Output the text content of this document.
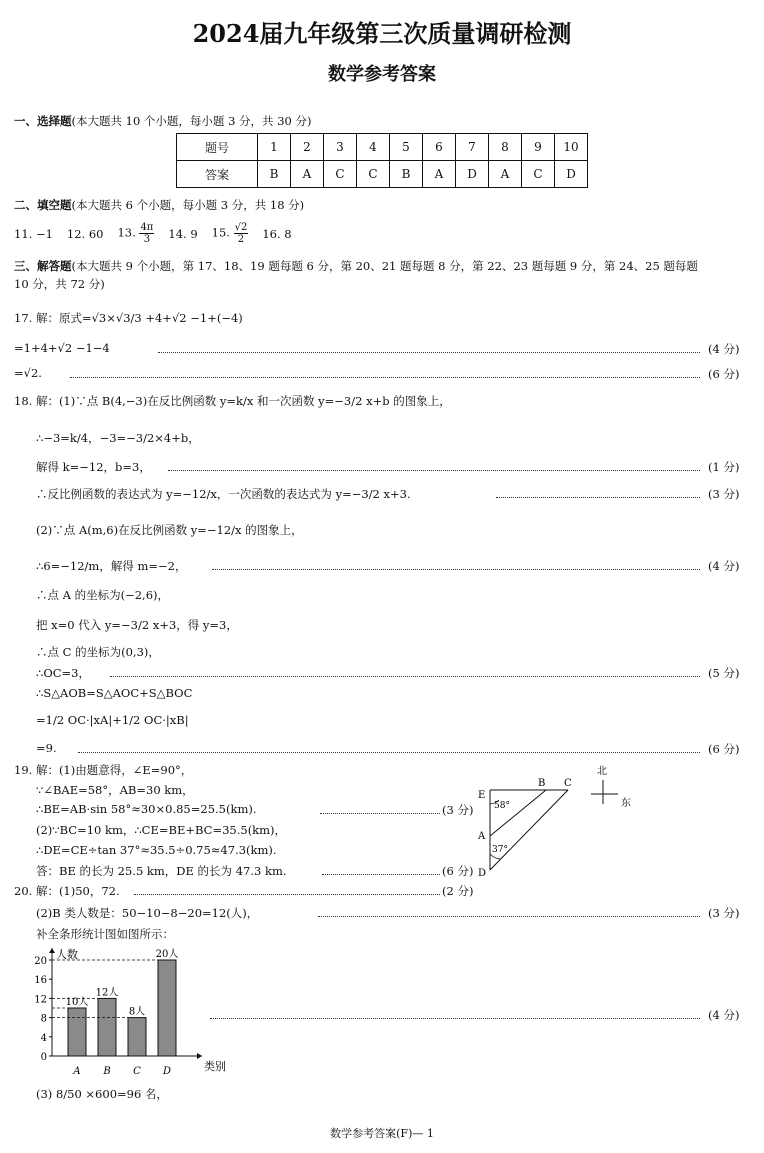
2024届九年级第三次质量调研检测
数学参考答案
一、选择题(本大题共 10 个小题，每小题 3 分，共 30 分)
题号	1	2	3	4	5	6	7	8	9	10
答案	B	A	C	C	B	A	D	A	C	D
二、填空题(本大题共 6 个小题，每小题 3 分，共 18 分)
11. −1 12. 60 13. $\frac{4\pi}{3} 14$. 9 15. $\frac{√2}{2} 16$. 8
三、解答题(本大题共 9 个小题，第 17、18、19 题每题 6 分，第 20、21 题每题 8 分，第 22、23 题每题 9 分，第 24、25 题每题
10 分，共 72 分)
17. 解：原式=√3×√3/3 +4+√2 −1+(−4)
=1+4+√2 −1−4	(4 分)
=√2.	(6 分)
18. 解：(1)∵点 B(4,−3)在反比例函数 y=k/x 和一次函数 y=−3/2 x+b 的图象上，
∴−3=k/4，−3=−3/2×4+b，
解得 k=−12，b=3，	(1 分)
∴反比例函数的表达式为 y=−12/x，一次函数的表达式为 y=−3/2 x+3.	(3 分)
(2)∵点 A(m,6)在反比例函数 y=−12/x 的图象上，
∴6=−12/m，解得 m=−2，	(4 分)
∴点 A 的坐标为(−2,6)，
把 x=0 代入 y=−3/2 x+3，得 y=3，
∴点 C 的坐标为(0,3)，
∴OC=3，	(5 分)
∴S△AOB=S△AOC+S△BOC
=1/2 OC·|xA|+1/2 OC·|xB|
=9.	(6 分)
19. 解：(1)由题意得，∠E=90°，
∵∠BAE=58°，AB=30 km，
∴BE=AB·sin 58°≈30×0.85=25.5(km).	(3 分)
(2)∵BC=10 km，∴CE=BE+BC=35.5(km)，
∴DE=CE÷tan 37°≈35.5÷0.75≈47.3(km).
答：BE 的长为 25.5 km，DE 的长为 47.3 km.	(6 分)
E
B C
A
D
58°
37°
北
东
20. 解：(1)50，72.	(2 分)
(2)B 类人数是：50−10−8−20=12(人)，	(3 分)
补全条形统计图如图所示：
0
4
8
12
16
20
人数
类别
10人
A
12人
B
8人
C
20人
D
(4 分)
(3) 8/50 ×600=96 名，
数学参考答案(F)— 1
